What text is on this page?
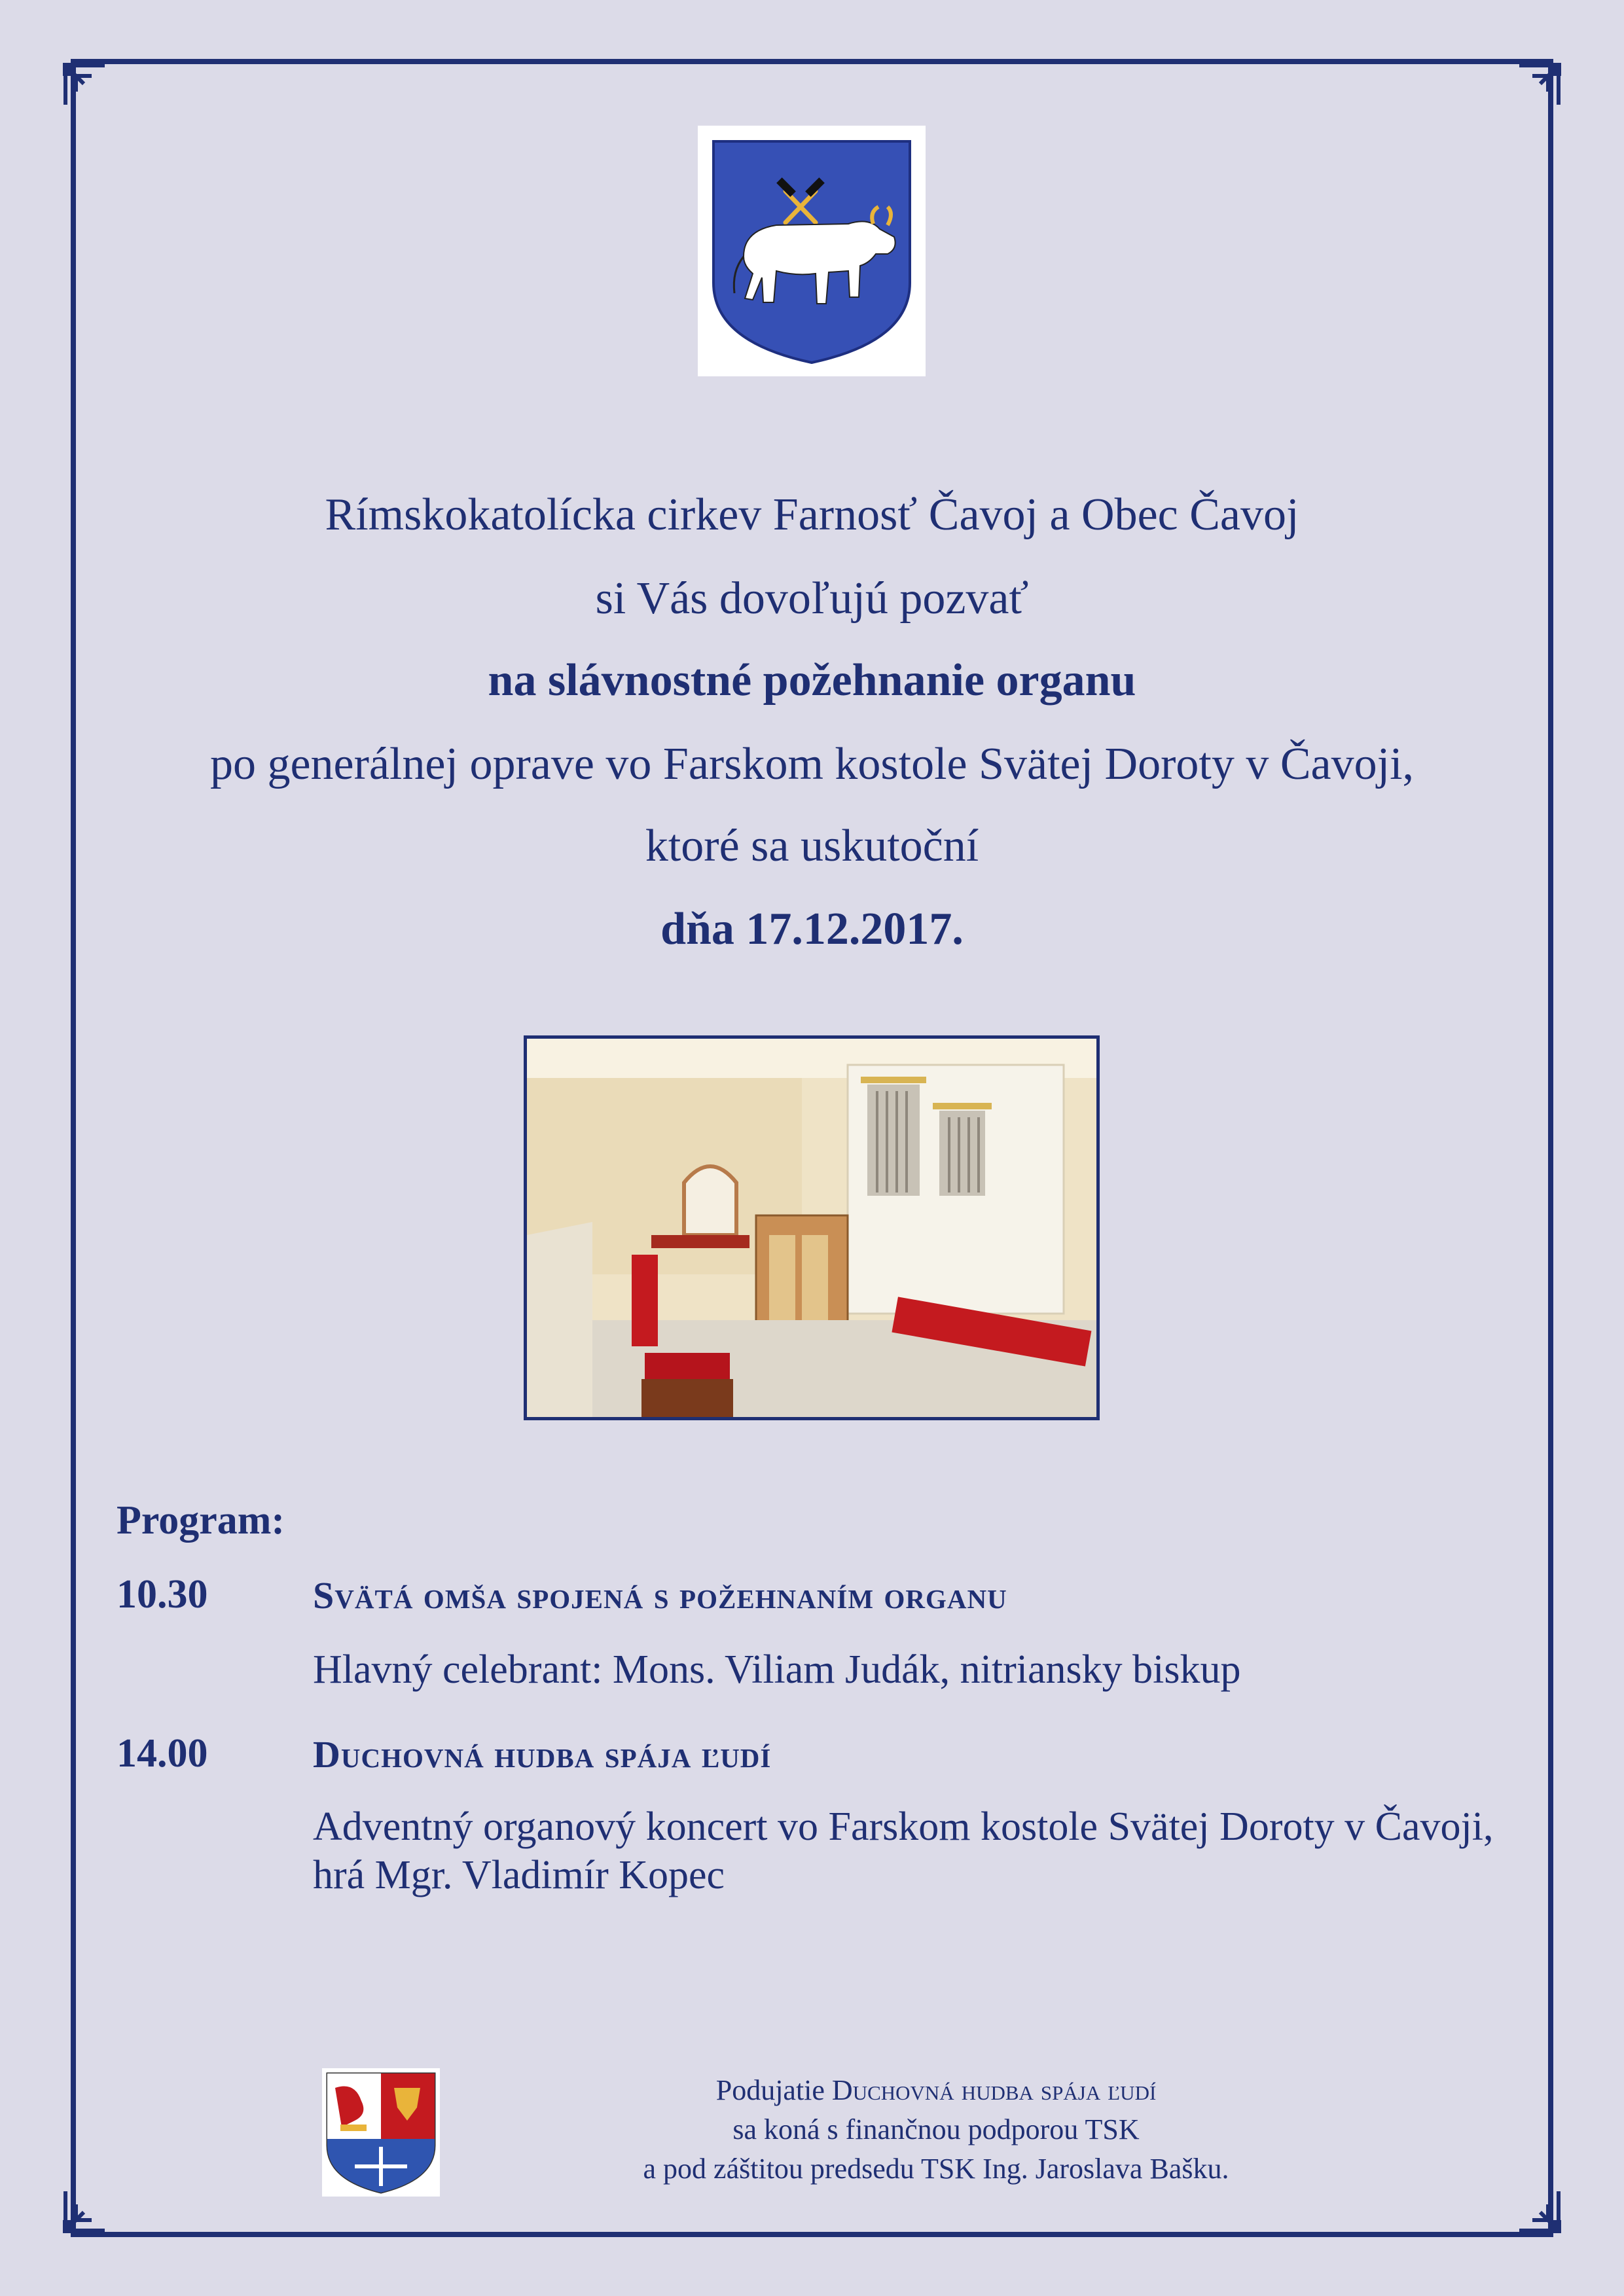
Rímskokatolícka cirkev Farnosť Čavoj a Obec Čavoj
si Vás dovoľujú pozvať
na slávnostné požehnanie organu
po generálnej oprave vo Farskom kostole Svätej Doroty v Čavoji,
ktoré sa uskutoční
dňa 17.12.2017.
Program:
10.30	Svätá omša spojená s požehnaním organu
Hlavný celebrant: Mons. Viliam Judák, nitriansky biskup
14.00	Duchovná hudba spája ľudí
Adventný organový koncert vo Farskom kostole Svätej Doroty v Čavoji,
hrá Mgr. Vladimír Kopec
Podujatie Duchovná hudba spája ľudí
sa koná s finančnou podporou TSK
a pod záštitou predsedu TSK Ing. Jaroslava Bašku.
